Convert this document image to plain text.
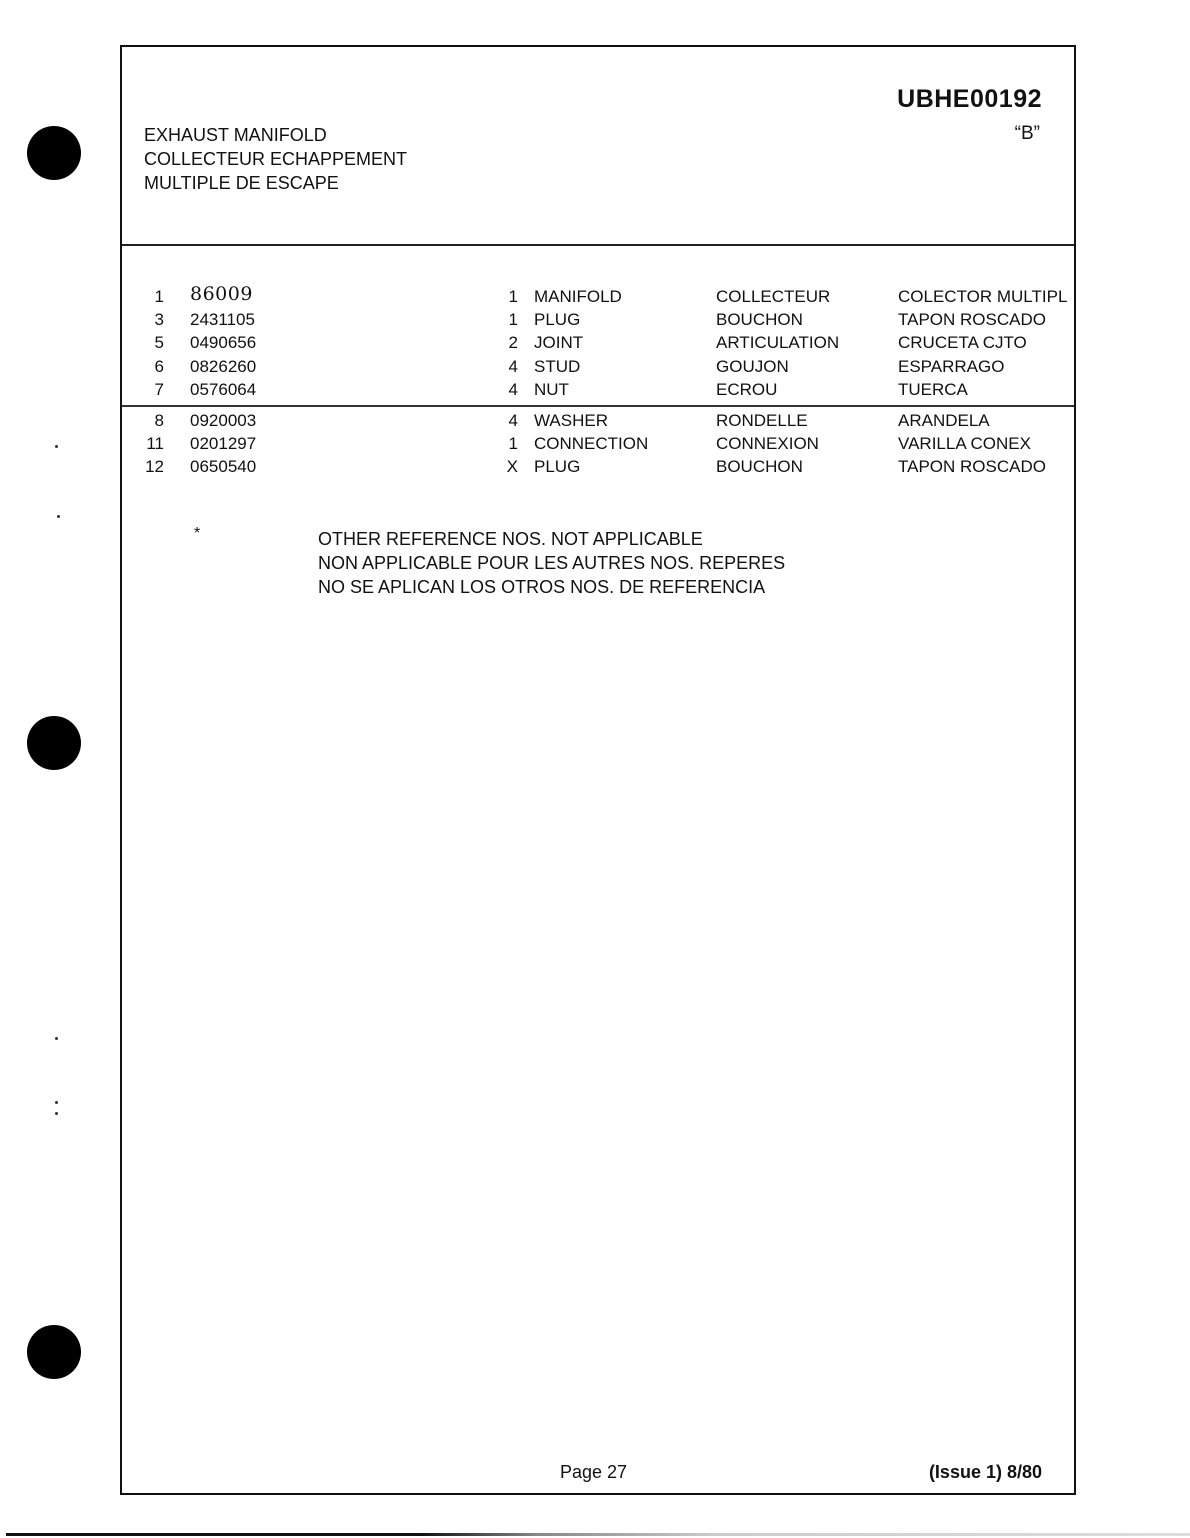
UBHE00192
“B”
EXHAUST MANIFOLD
COLLECTEUR ECHAPPEMENT
MULTIPLE DE ESCAPE
1 86009	1 MANIFOLD	COLLECTEUR	COLECTOR MULTIPL
3 2431105	1 PLUG	BOUCHON	TAPON ROSCADO
5 0490656	2 JOINT	ARTICULATION	CRUCETA CJTO
6 0826260	4 STUD	GOUJON	ESPARRAGO
7 0576064	4 NUT	ECROU	TUERCA
8 0920003	4 WASHER	RONDELLE	ARANDELA
11 0201297	1 CONNECTION	CONNEXION	VARILLA CONEX
12 0650540	X PLUG	BOUCHON	TAPON ROSCADO
*	OTHER REFERENCE NOS. NOT APPLICABLE
NON APPLICABLE POUR LES AUTRES NOS. REPERES
NO SE APLICAN LOS OTROS NOS. DE REFERENCIA
Page 27	(Issue 1) 8/80
